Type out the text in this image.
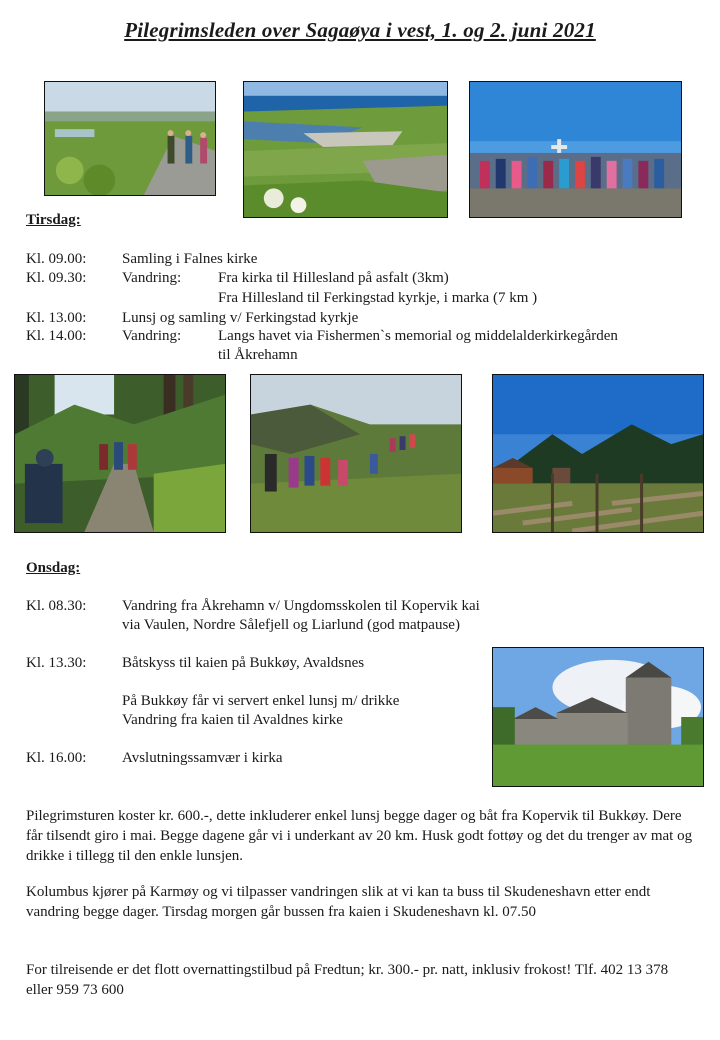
Pilegrimsleden over Sagaøya i vest, 1. og 2. juni 2021
Tirsdag:
Kl. 09.00: Samling i Falnes kirke
Kl. 09.30: Vandring: Fra kirka til Hillesland på asfalt (3km)
Fra Hillesland til Ferkingstad kyrkje, i marka (7 km )
Kl. 13.00: Lunsj og samling v/ Ferkingstad kyrkje
Kl. 14.00: Vandring: Langs havet via Fishermen`s memorial og middelalderkirkegården
til Åkrehamn
Onsdag:
Kl. 08.30: Vandring fra Åkrehamn v/ Ungdomsskolen til Kopervik kai
via Vaulen, Nordre Sålefjell og Liarlund (god matpause)
Kl. 13.30: Båtskyss til kaien på Bukkøy, Avaldsnes
På Bukkøy får vi servert enkel lunsj m/ drikke
Vandring fra kaien til Avaldnes kirke
Kl. 16.00: Avslutningssamvær i kirka
Pilegrimsturen koster kr. 600.-, dette inkluderer enkel lunsj begge dager og båt fra Kopervik til Bukkøy. Dere får tilsendt giro i mai. Begge dagene går vi i underkant av 20 km. Husk godt fottøy og det du trenger av mat og drikke i tillegg til den enkle lunsjen.
Kolumbus kjører på Karmøy og vi tilpasser vandringen slik at vi kan ta buss til Skudeneshavn etter endt vandring begge dager. Tirsdag morgen går bussen fra kaien i Skudeneshavn kl. 07.50
For tilreisende er det flott overnattingstilbud på Fredtun; kr. 300.- pr. natt, inklusiv frokost! Tlf. 402 13 378 eller 959 73 600
